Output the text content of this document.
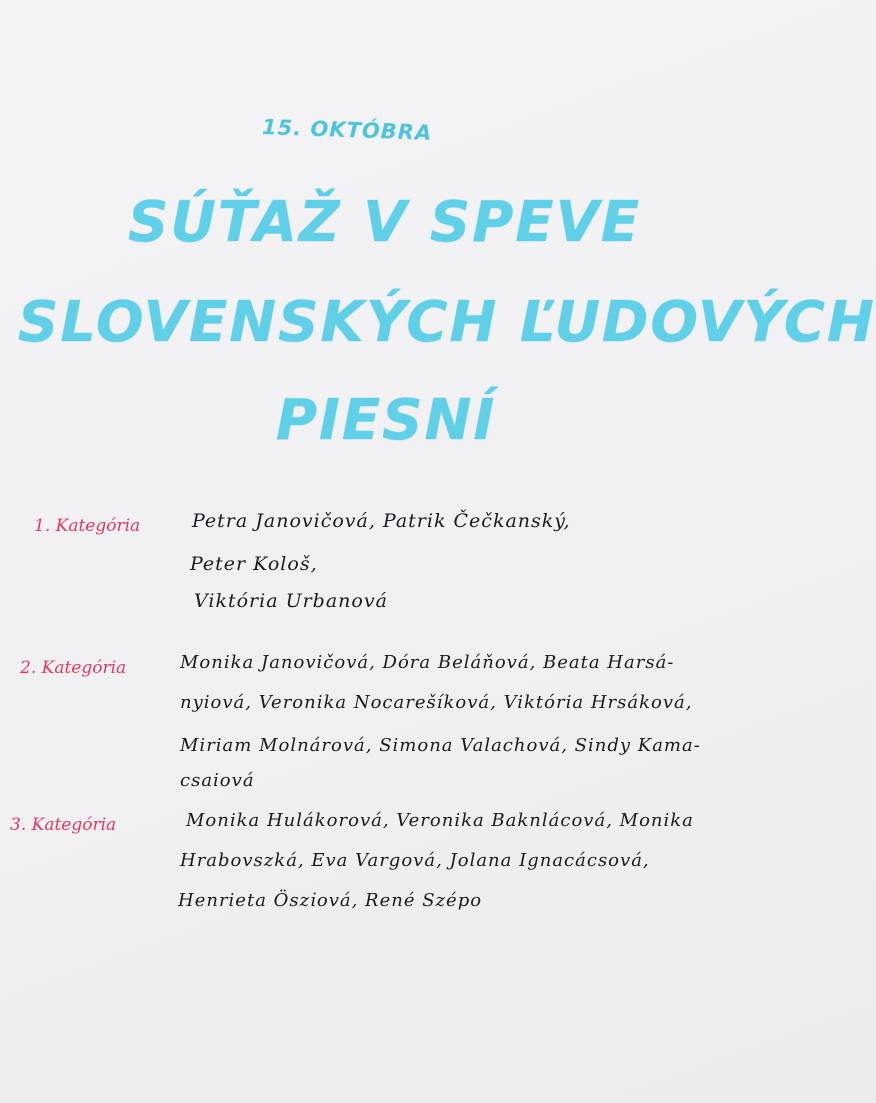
15. OKTÓBRA
SÚŤAŽ V SPEVE
SLOVENSKÝCH ĽUDOVÝCH
PIESNÍ
1. Kategória	Petra Janovičová, Patrik Čečkanský,
Peter Kološ,
Viktória Urbanová
2. Kategória	Monika Janovičová, Dóra Beláňová, Beata Harsá-
nyiová, Veronika Nocarešíková, Viktória Hrsáková,
Miriam Molnárová, Simona Valachová, Sindy Kama-
csaiová
3. Kategória	Monika Hulákorová, Veronika Baknlácová, Monika
Hrabovszká, Eva Vargová, Jolana Ignacácsová,
Henrieta Öszi̇ová, René Szépo
